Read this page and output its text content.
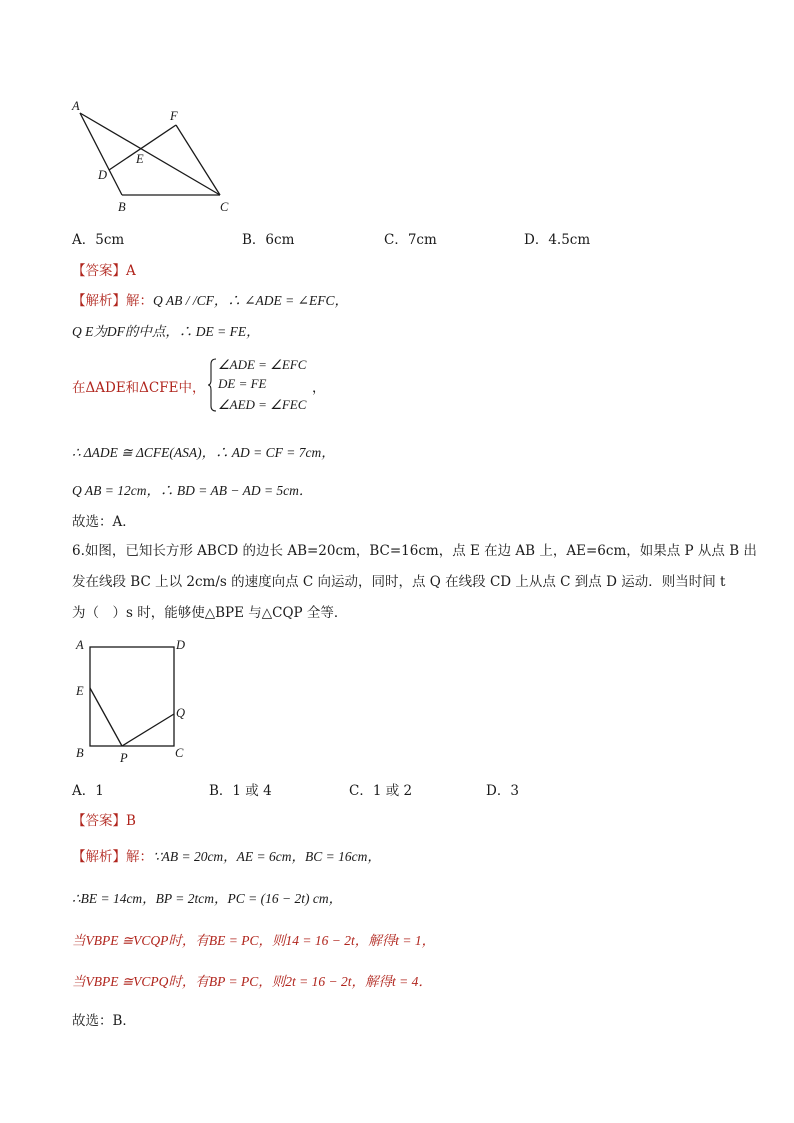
A
F
E
D
B	C
A．5cm	B．6cm	C．7cm	D．4.5cm
【答案】A
【解析】解：Q AB / /CF，∴ ∠ADE = ∠EFC，
Q E为DF的中点，∴ DE = FE，
在ΔADE和ΔCFE中，
∠ADE = ∠EFC
DE = FE
∠AED = ∠FEC
，
∴ ΔADE ≅ ΔCFE(ASA)，∴ AD = CF = 7cm，
Q AB = 12cm，∴ BD = AB − AD = 5cm．
故选：A．
6.如图，已知长方形 ABCD 的边长 AB=20cm，BC=16cm，点 E 在边 AB 上，AE=6cm，如果点 P 从点 B 出
发在线段 BC 上以 2cm/s 的速度向点 C 向运动，同时，点 Q 在线段 CD 上从点 C 到点 D 运动．则当时间 t
为（　）s 时，能够使△BPE 与△CQP 全等．
A	D
E
Q
B	P	C
A．1	B．1 或 4	C．1 或 2	D．3
【答案】B
【解析】解：∵AB = 20cm，AE = 6cm，BC = 16cm，
∴BE = 14cm，BP = 2tcm，PC = (16 − 2t) cm，
当VBPE ≅VCQP时，有BE = PC，则14 = 16 − 2t，解得t = 1，
当VBPE ≅VCPQ时，有BP = PC，则2t = 16 − 2t，解得t = 4．
故选：B．
